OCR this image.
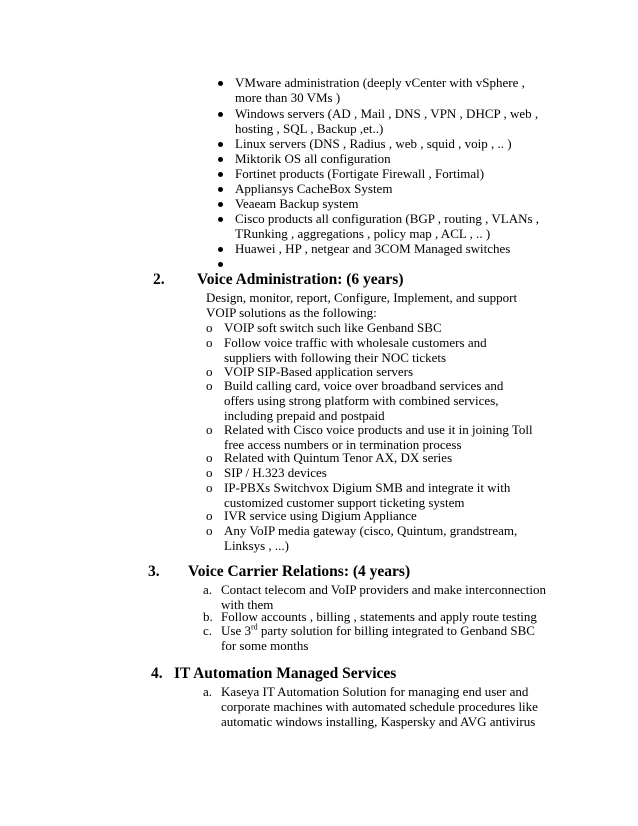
VMware administration (deeply vCenter with vSphere , more than 30 VMs )
Windows servers (AD , Mail , DNS , VPN , DHCP , web , hosting , SQL , Backup ,et..)
Linux servers (DNS , Radius , web , squid , voip , .. )
Miktorik OS all configuration
Fortinet products (Fortigate Firewall , Fortimal)
Appliansys CacheBox System
Veaeam Backup system
Cisco products all configuration (BGP , routing , VLANs , TRunking , aggregations , policy map , ACL , .. )
Huawei , HP , netgear and 3COM Managed switches
2. Voice Administration: (6 years)
Design, monitor, report, Configure, Implement, and support VOIP solutions as the following:
o VOIP soft switch such like Genband SBC
o Follow voice traffic with wholesale customers and suppliers with following their NOC tickets
o VOIP SIP-Based application servers
o Build calling card, voice over broadband services and offers using strong platform with combined services, including prepaid and postpaid
o Related with Cisco voice products and use it in joining Toll free access numbers or in termination process
o Related with Quintum Tenor AX, DX series
o SIP / H.323 devices
o IP-PBXs Switchvox Digium SMB and integrate it with customized customer support ticketing system
o IVR service using Digium Appliance
o Any VoIP media gateway (cisco, Quintum, grandstream, Linksys , ...)
3. Voice Carrier Relations: (4 years)
a. Contact telecom and VoIP providers and make interconnection with them
b. Follow accounts , billing , statements and apply route testing
c. Use 3rd party solution for billing integrated to Genband SBC for some months
4. IT Automation Managed Services
a. Kaseya IT Automation Solution for managing end user and corporate machines with automated schedule procedures like automatic windows installing, Kaspersky and AVG antivirus
